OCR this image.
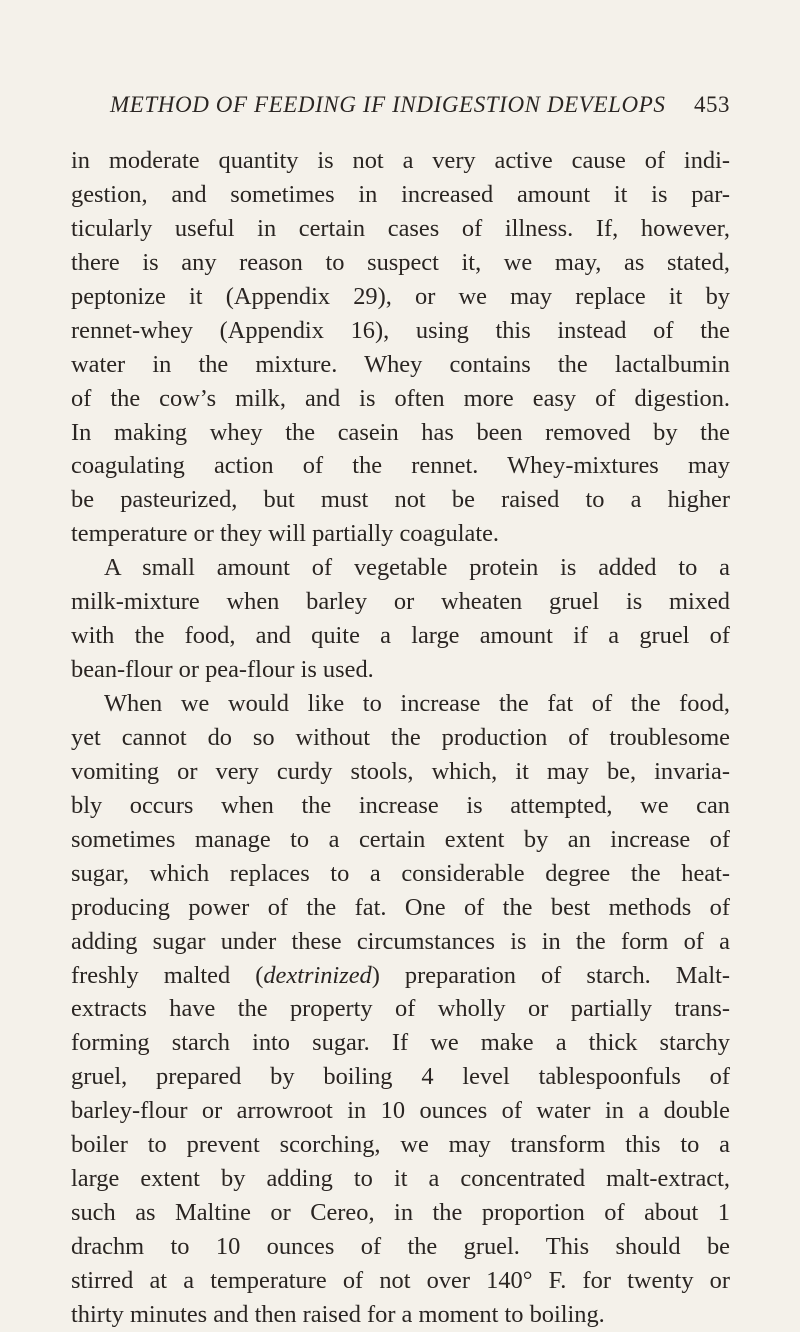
METHOD OF FEEDING IF INDIGESTION DEVELOPS 453
in moderate quantity is not a very active cause of indi-
gestion, and sometimes in increased amount it is par-
ticularly useful in certain cases of illness. If, however,
there is any reason to suspect it, we may, as stated,
peptonize it (Appendix 29), or we may replace it by
rennet-whey (Appendix 16), using this instead of the
water in the mixture. Whey contains the lactalbumin
of the cow’s milk, and is often more easy of digestion.
In making whey the casein has been removed by the
coagulating action of the rennet. Whey-mixtures may
be pasteurized, but must not be raised to a higher
temperature or they will partially coagulate.
A small amount of vegetable protein is added to a
milk-mixture when barley or wheaten gruel is mixed
with the food, and quite a large amount if a gruel of
bean-flour or pea-flour is used.
When we would like to increase the fat of the food,
yet cannot do so without the production of troublesome
vomiting or very curdy stools, which, it may be, invaria-
bly occurs when the increase is attempted, we can
sometimes manage to a certain extent by an increase of
sugar, which replaces to a considerable degree the heat-
producing power of the fat. One of the best methods of
adding sugar under these circumstances is in the form of a
freshly malted (dextrinized) preparation of starch. Malt-
extracts have the property of wholly or partially trans-
forming starch into sugar. If we make a thick starchy
gruel, prepared by boiling 4 level tablespoonfuls of
barley-flour or arrowroot in 10 ounces of water in a double
boiler to prevent scorching, we may transform this to a
large extent by adding to it a concentrated malt-extract,
such as Maltine or Cereo, in the proportion of about 1
drachm to 10 ounces of the gruel. This should be
stirred at a temperature of not over 140° F. for twenty or
thirty minutes and then raised for a moment to boiling.
